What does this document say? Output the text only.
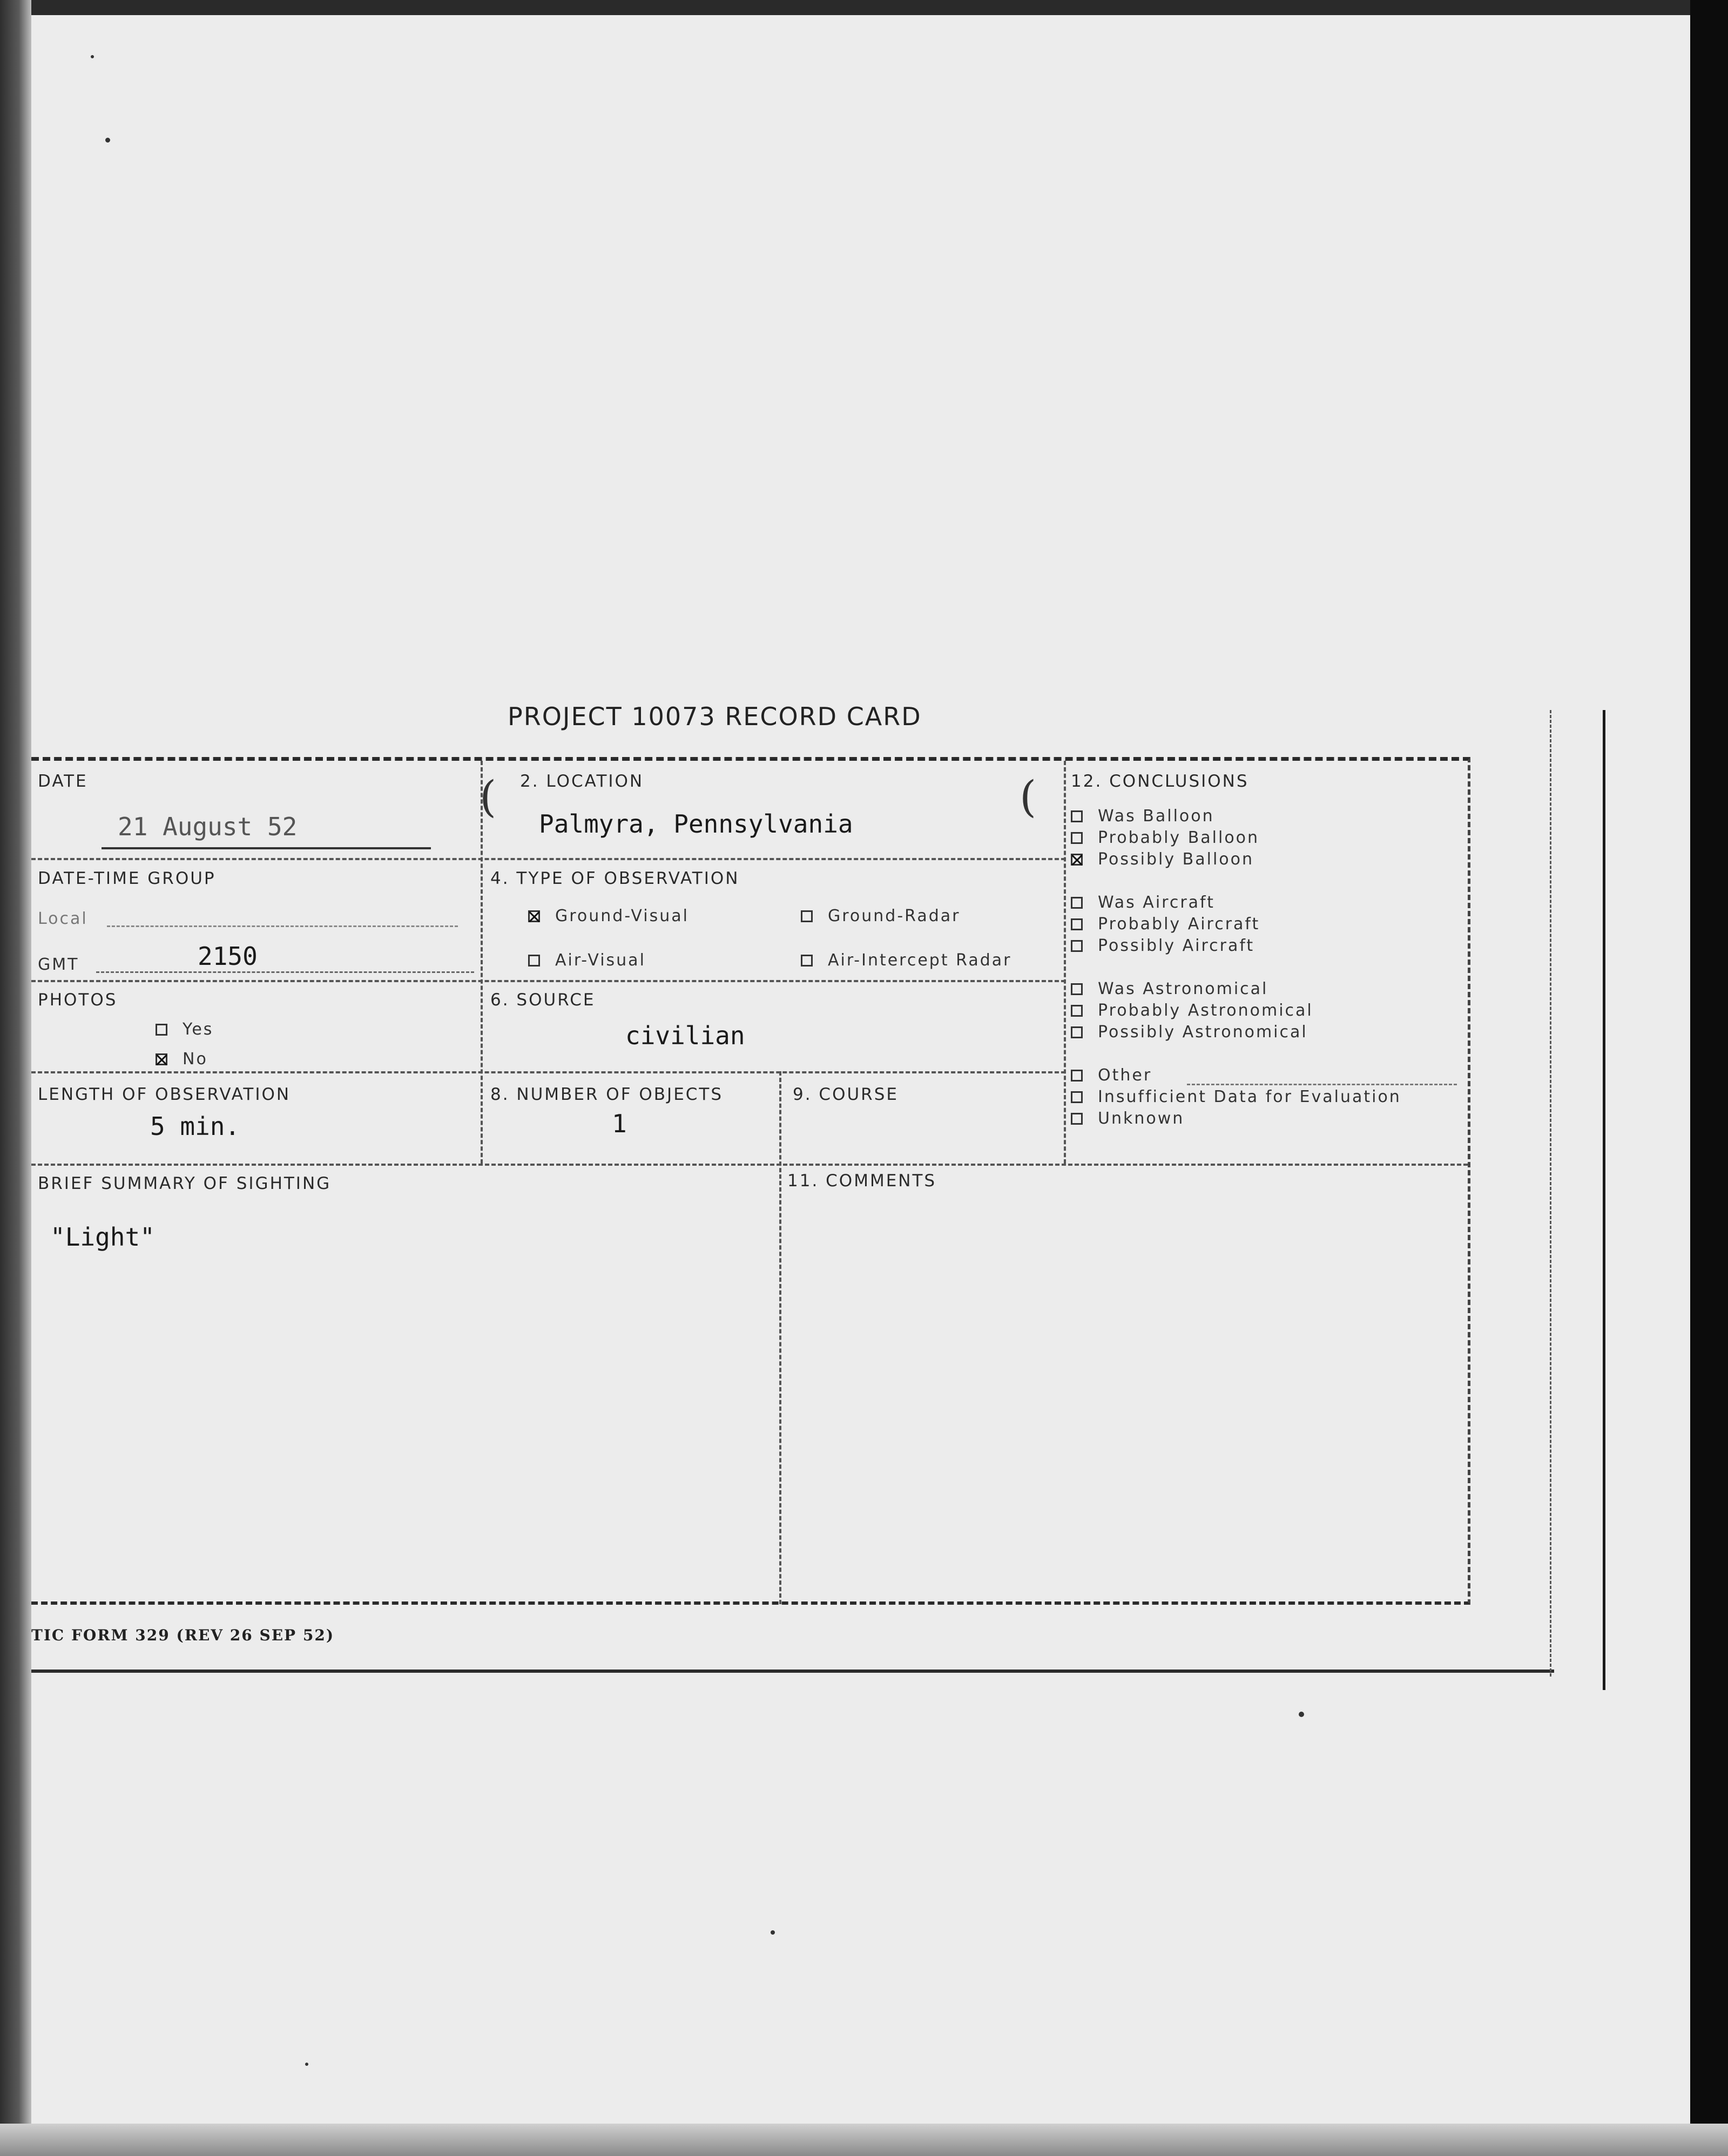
PROJECT 10073 RECORD CARD
DATE
21 August 52
( 2. LOCATION
Palmyra, Pennsylvania
(
DATE-TIME GROUP
Local
GMT	2150
4. TYPE OF OBSERVATION
Ground-Visual	Ground-Radar
Air-Visual	Air-Intercept Radar
PHOTOS
Yes
No
6. SOURCE
civilian
LENGTH OF OBSERVATION
5 min.
8. NUMBER OF OBJECTS
1
9. COURSE
12. CONCLUSIONS
Was Balloon
Probably Balloon
Possibly Balloon
Was Aircraft
Probably Aircraft
Possibly Aircraft
Was Astronomical
Probably Astronomical
Possibly Astronomical
Other
Insufficient Data for Evaluation
Unknown
BRIEF SUMMARY OF SIGHTING
"Light"
11. COMMENTS
TIC FORM 329 (REV 26 SEP 52)
